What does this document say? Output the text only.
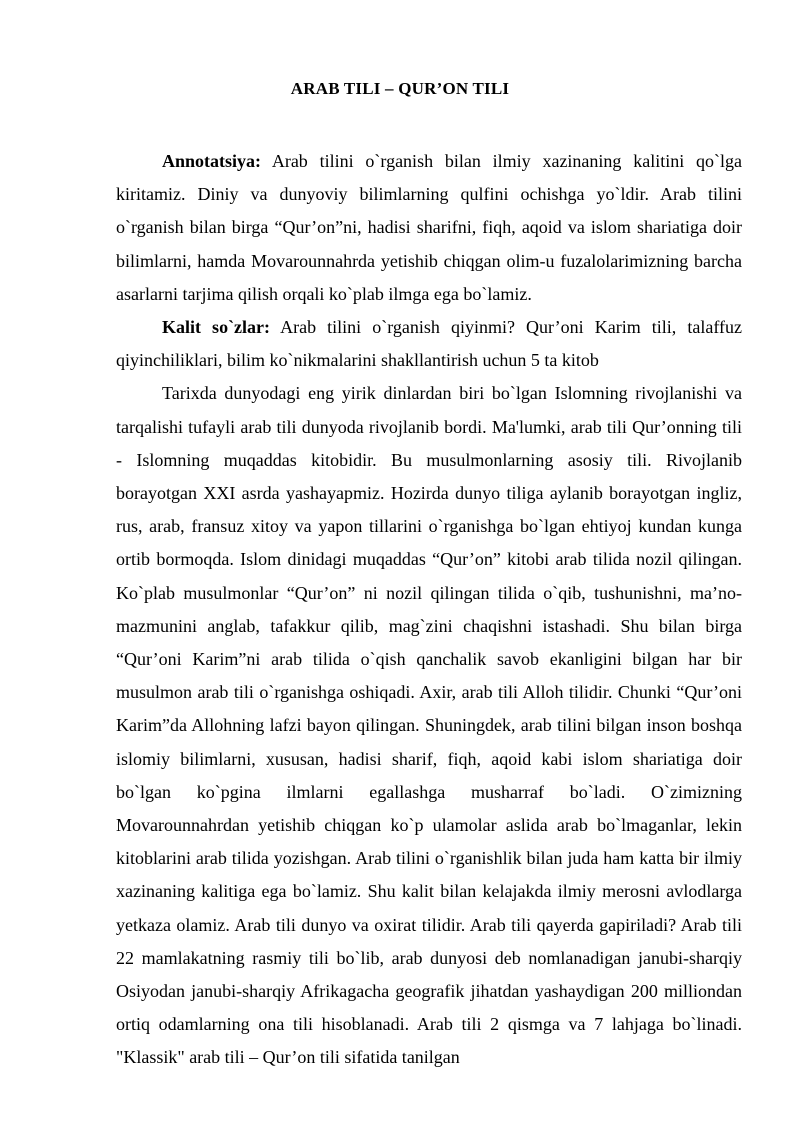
ARAB TILI – QUR’ON TILI

Annotatsiya: Arab tilini o`rganish bilan ilmiy xazinaning kalitini qo`lga kiritamiz. Diniy va dunyoviy bilimlarning qulfini ochishga yo`ldir. Arab tilini o`rganish bilan birga “Qur’on”ni, hadisi sharifni, fiqh, aqoid va islom shariatiga doir bilimlarni, hamda Movarounnahrda yetishib chiqgan olim-u fuzalolarimizning barcha asarlarni tarjima qilish orqali ko`plab ilmga ega bo`lamiz.

Kalit so`zlar: Arab tilini o`rganish qiyinmi? Qur’oni Karim tili, talaffuz qiyinchiliklari, bilim ko`nikmalarini shakllantirish uchun 5 ta kitob

Tarixda dunyodagi eng yirik dinlardan biri bo`lgan Islomning rivojlanishi va tarqalishi tufayli arab tili dunyoda rivojlanib bordi. Ma'lumki, arab tili Qur’onning tili - Islomning muqaddas kitobidir. Bu musulmonlarning asosiy tili. Rivojlanib borayotgan XXI asrda yashayapmiz. Hozirda dunyo tiliga aylanib borayotgan ingliz, rus, arab, fransuz xitoy va yapon tillarini o`rganishga bo`lgan ehtiyoj kundan kunga ortib bormoqda. Islom dinidagi muqaddas “Qur’on” kitobi arab tilida nozil qilingan. Ko`plab musulmonlar “Qur’on” ni nozil qilingan tilida o`qib, tushunishni, ma’no-mazmunini anglab, tafakkur qilib, mag`zini chaqishni istashadi. Shu bilan birga “Qur’oni Karim”ni arab tilida o`qish qanchalik savob ekanligini bilgan har bir musulmon arab tili o`rganishga oshiqadi. Axir, arab tili Alloh tilidir. Chunki “Qur’oni Karim”da Allohning lafzi bayon qilingan. Shuningdek, arab tilini bilgan inson boshqa islomiy bilimlarni, xususan, hadisi sharif, fiqh, aqoid kabi islom shariatiga doir bo`lgan ko`pgina ilmlarni egallashga musharraf bo`ladi. O`zimizning Movarounnahrdan yetishib chiqgan ko`p ulamolar aslida arab bo`lmaganlar, lekin kitoblarini arab tilida yozishgan. Arab tilini o`rganishlik bilan juda ham katta bir ilmiy xazinaning kalitiga ega bo`lamiz. Shu kalit bilan kelajakda ilmiy merosni avlodlarga yetkaza olamiz. Arab tili dunyo va oxirat tilidir. Arab tili qayerda gapiriladi? Arab tili 22 mamlakatning rasmiy tili bo`lib, arab dunyosi deb nomlanadigan janubi-sharqiy Osiyodan janubi-sharqiy Afrikagacha geografik jihatdan yashaydigan 200 milliondan ortiq odamlarning ona tili hisoblanadi. Arab tili 2 qismga va 7 lahjaga bo`linadi. "Klassik" arab tili – Qur’on tili sifatida tanilgan
